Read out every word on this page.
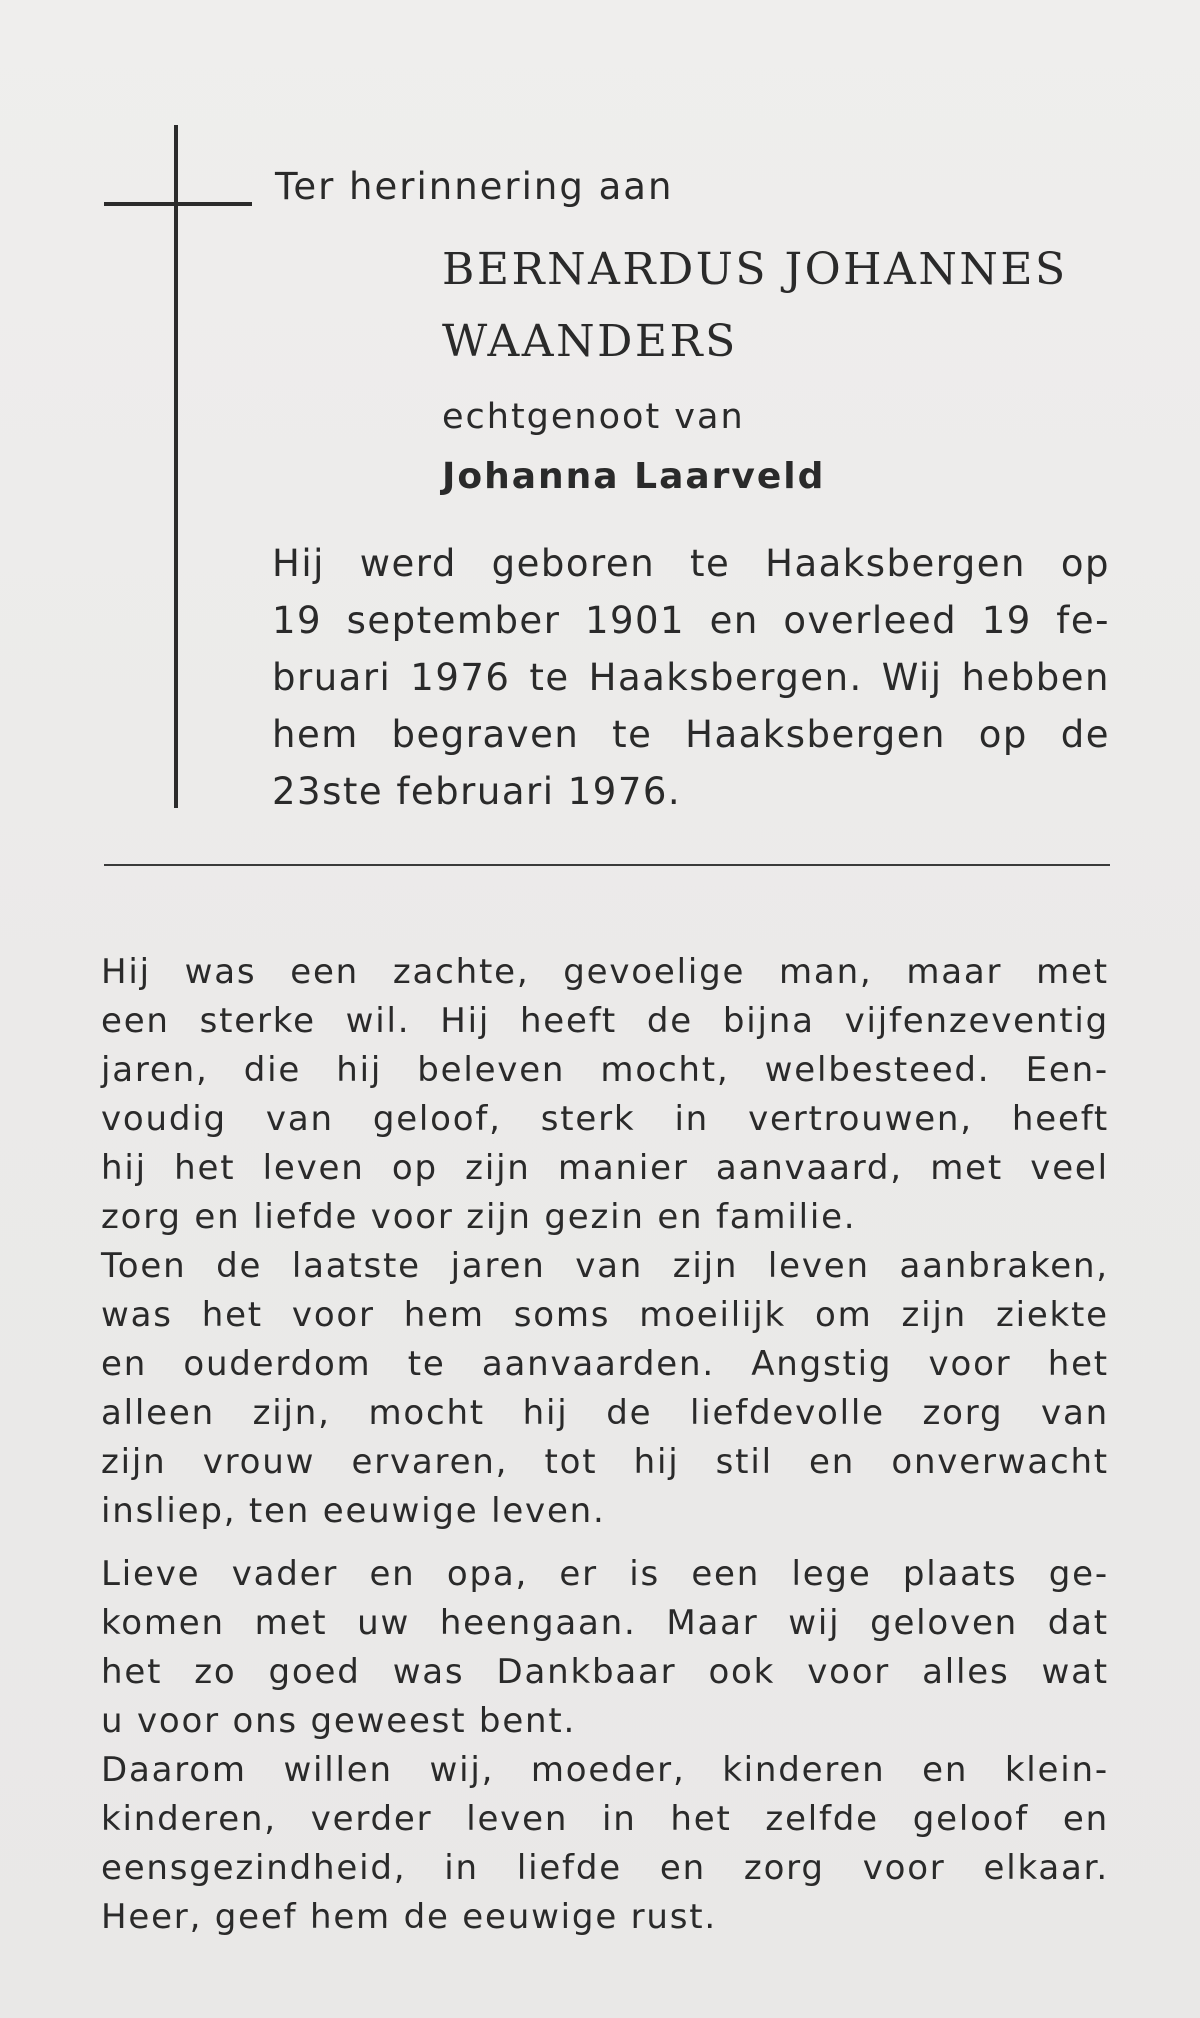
Ter herinnering aan
BERNARDUS JOHANNES
WAANDERS
echtgenoot van
Johanna Laarveld
Hij werd geboren te Haaksbergen op
19 september 1901 en overleed 19 fe-
bruari 1976 te Haaksbergen. Wij hebben
hem begraven te Haaksbergen op de
23ste februari 1976.
Hij was een zachte, gevoelige man, maar met
een sterke wil. Hij heeft de bijna vijfenzeventig
jaren, die hij beleven mocht, welbesteed. Een-
voudig van geloof, sterk in vertrouwen, heeft
hij het leven op zijn manier aanvaard, met veel
zorg en liefde voor zijn gezin en familie.
Toen de laatste jaren van zijn leven aanbraken,
was het voor hem soms moeilijk om zijn ziekte
en ouderdom te aanvaarden. Angstig voor het
alleen zijn, mocht hij de liefdevolle zorg van
zijn vrouw ervaren, tot hij stil en onverwacht
insliep, ten eeuwige leven.
Lieve vader en opa, er is een lege plaats ge-
komen met uw heengaan. Maar wij geloven dat
het zo goed was Dankbaar ook voor alles wat
u voor ons geweest bent.
Daarom willen wij, moeder, kinderen en klein-
kinderen, verder leven in het zelfde geloof en
eensgezindheid, in liefde en zorg voor elkaar.
Heer, geef hem de eeuwige rust.
